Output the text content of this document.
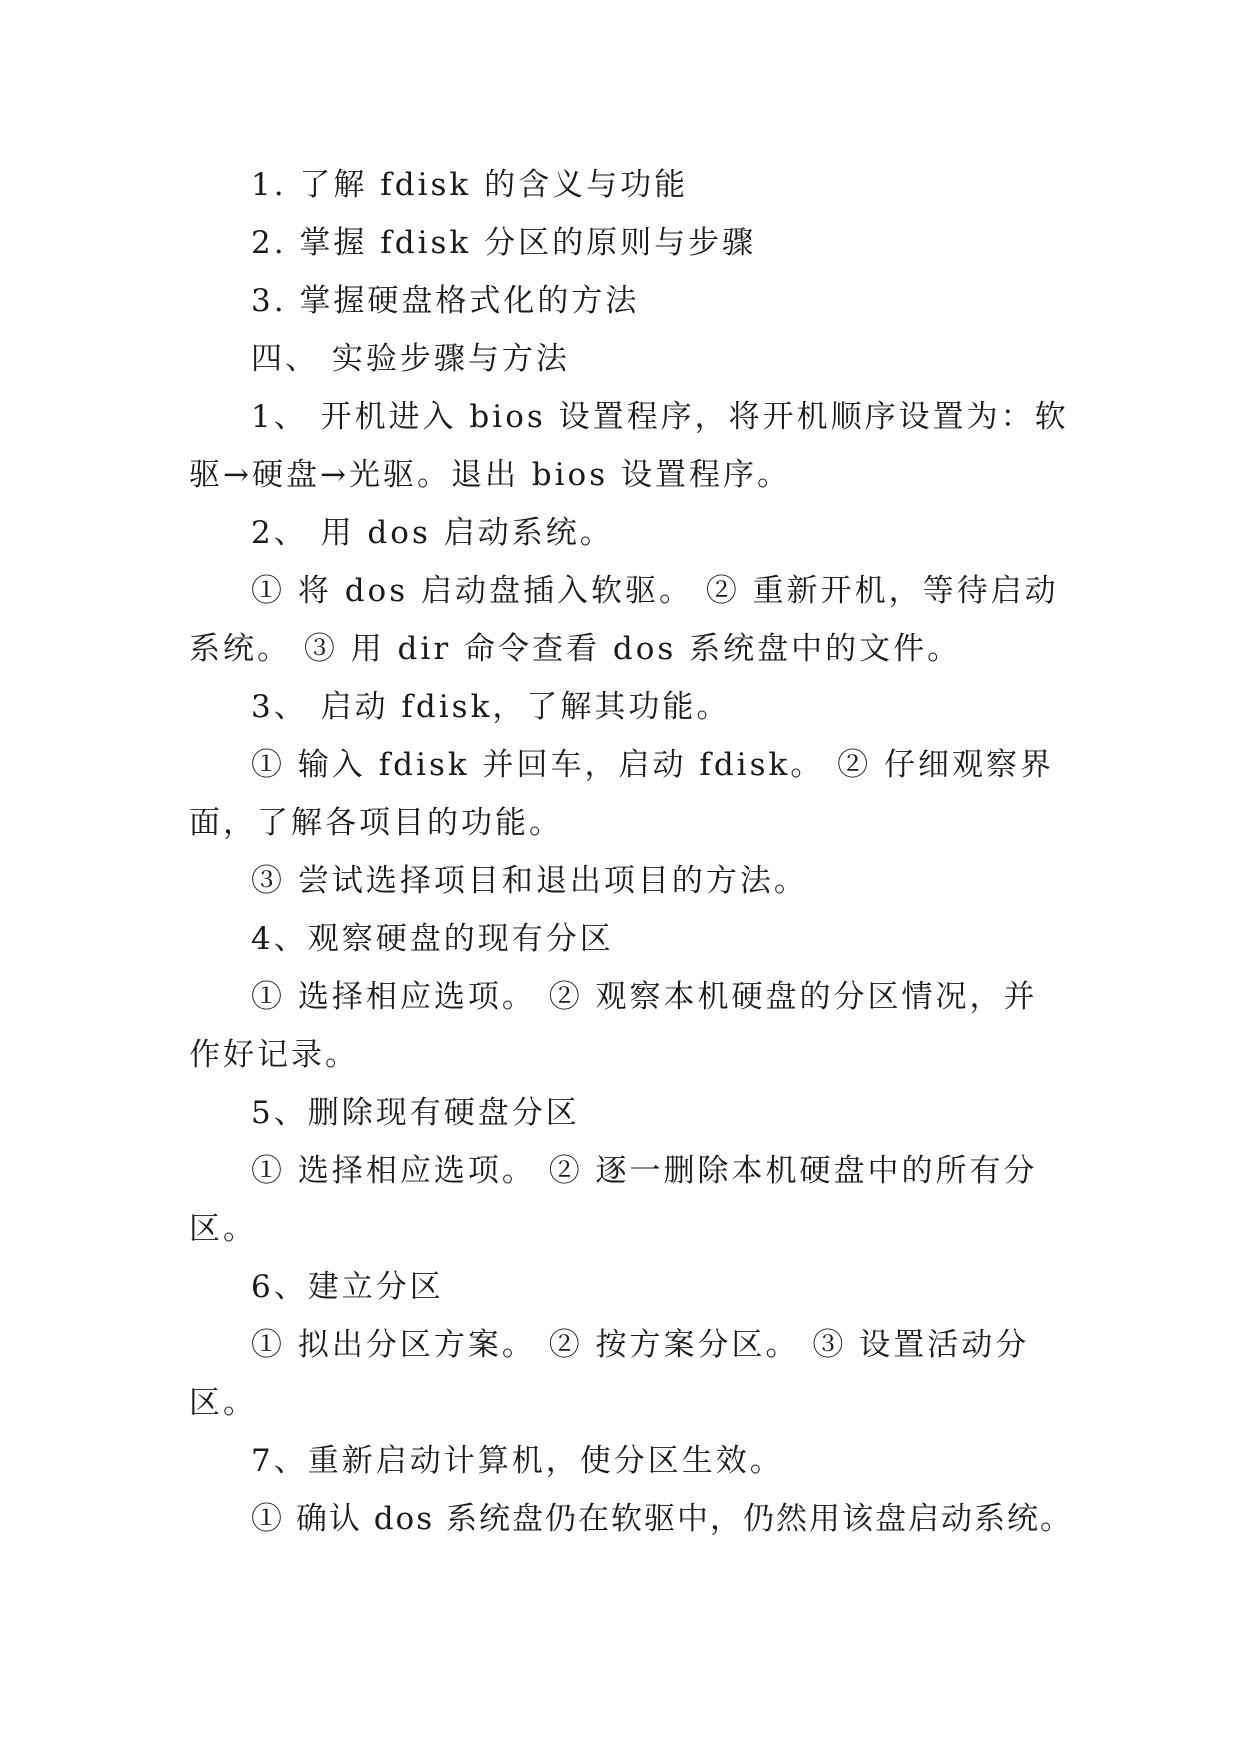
1. 了解 fdisk 的含义与功能

2. 掌握 fdisk 分区的原则与步骤

3. 掌握硬盘格式化的方法

四、 实验步骤与方法

1、 开机进入 bios 设置程序，将开机顺序设置为：软驱→硬盘→光驱。退出 bios 设置程序。

2、 用 dos 启动系统。

① 将 dos 启动盘插入软驱。 ② 重新开机，等待启动系统。 ③ 用 dir 命令查看 dos 系统盘中的文件。

3、 启动 fdisk，了解其功能。

① 输入 fdisk 并回车，启动 fdisk。 ② 仔细观察界面，了解各项目的功能。

③ 尝试选择项目和退出项目的方法。

4、观察硬盘的现有分区

① 选择相应选项。 ② 观察本机硬盘的分区情况，并作好记录。

5、删除现有硬盘分区

① 选择相应选项。 ② 逐一删除本机硬盘中的所有分区。

6、建立分区

① 拟出分区方案。 ② 按方案分区。 ③ 设置活动分区。

7、重新启动计算机，使分区生效。

① 确认 dos 系统盘仍在软驱中，仍然用该盘启动系统。
